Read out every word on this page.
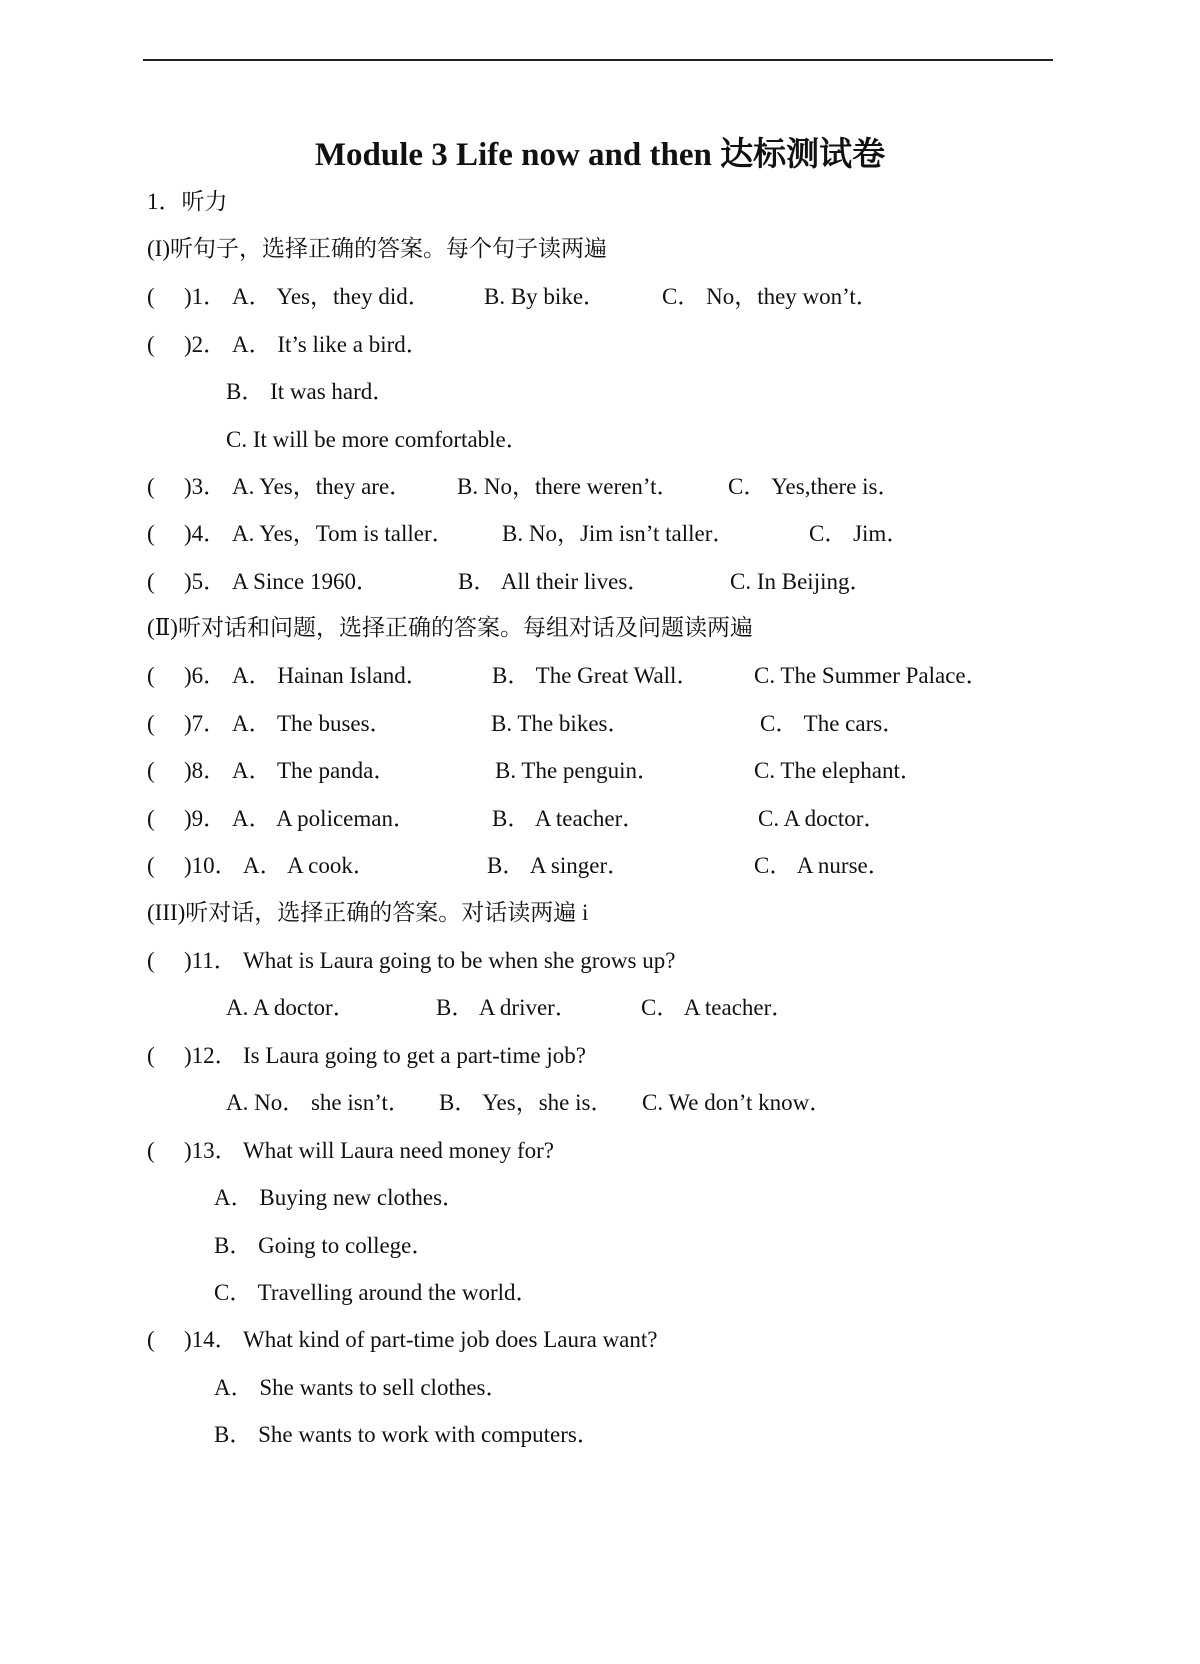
Module 3 Life now and then 达标测试卷
1．听力
(I)听句子，选择正确的答案。每个句子读两遍
( )1． A． Yes，they did． B. By bike． C． No，they won’t．
( )2． A． It’s like a bird．
B． It was hard．
C. It will be more comfortable．
( )3． A. Yes，they are． B. No，there weren’t． C． Yes,there is．
( )4． A. Yes，Tom is taller． B. No，Jim isn’t taller．	C． Jim．
( )5． A Since 1960．	B． All their lives．	C. In Beijing．
(Ⅱ)听对话和问题，选择正确的答案。每组对话及问题读两遍
( )6． A． Hainan Island．	B． The Great Wall． C. The Summer Palace．
( )7． A． The buses．	B. The bikes．	C． The cars．
( )8． A． The panda．	B. The penguin．	C. The elephant．
( )9． A． A policeman．	B． A teacher．	C. A doctor．
( )10． A． A cook．	B． A singer．	C． A nurse．
(III)听对话，选择正确的答案。对话读两遍 i
( )11． What is Laura going to be when she grows up?
A. A doctor．	B． A driver．	C． A teacher．
( )12． Is Laura going to get a part-time job?
A. No． she isn’t． B． Yes，she is． C. We don’t know．
( )13． What will Laura need money for?
A． Buying new clothes．
B． Going to college．
C． Travelling around the world．
( )14． What kind of part-time job does Laura want?
A． She wants to sell clothes．
B． She wants to work with computers．
